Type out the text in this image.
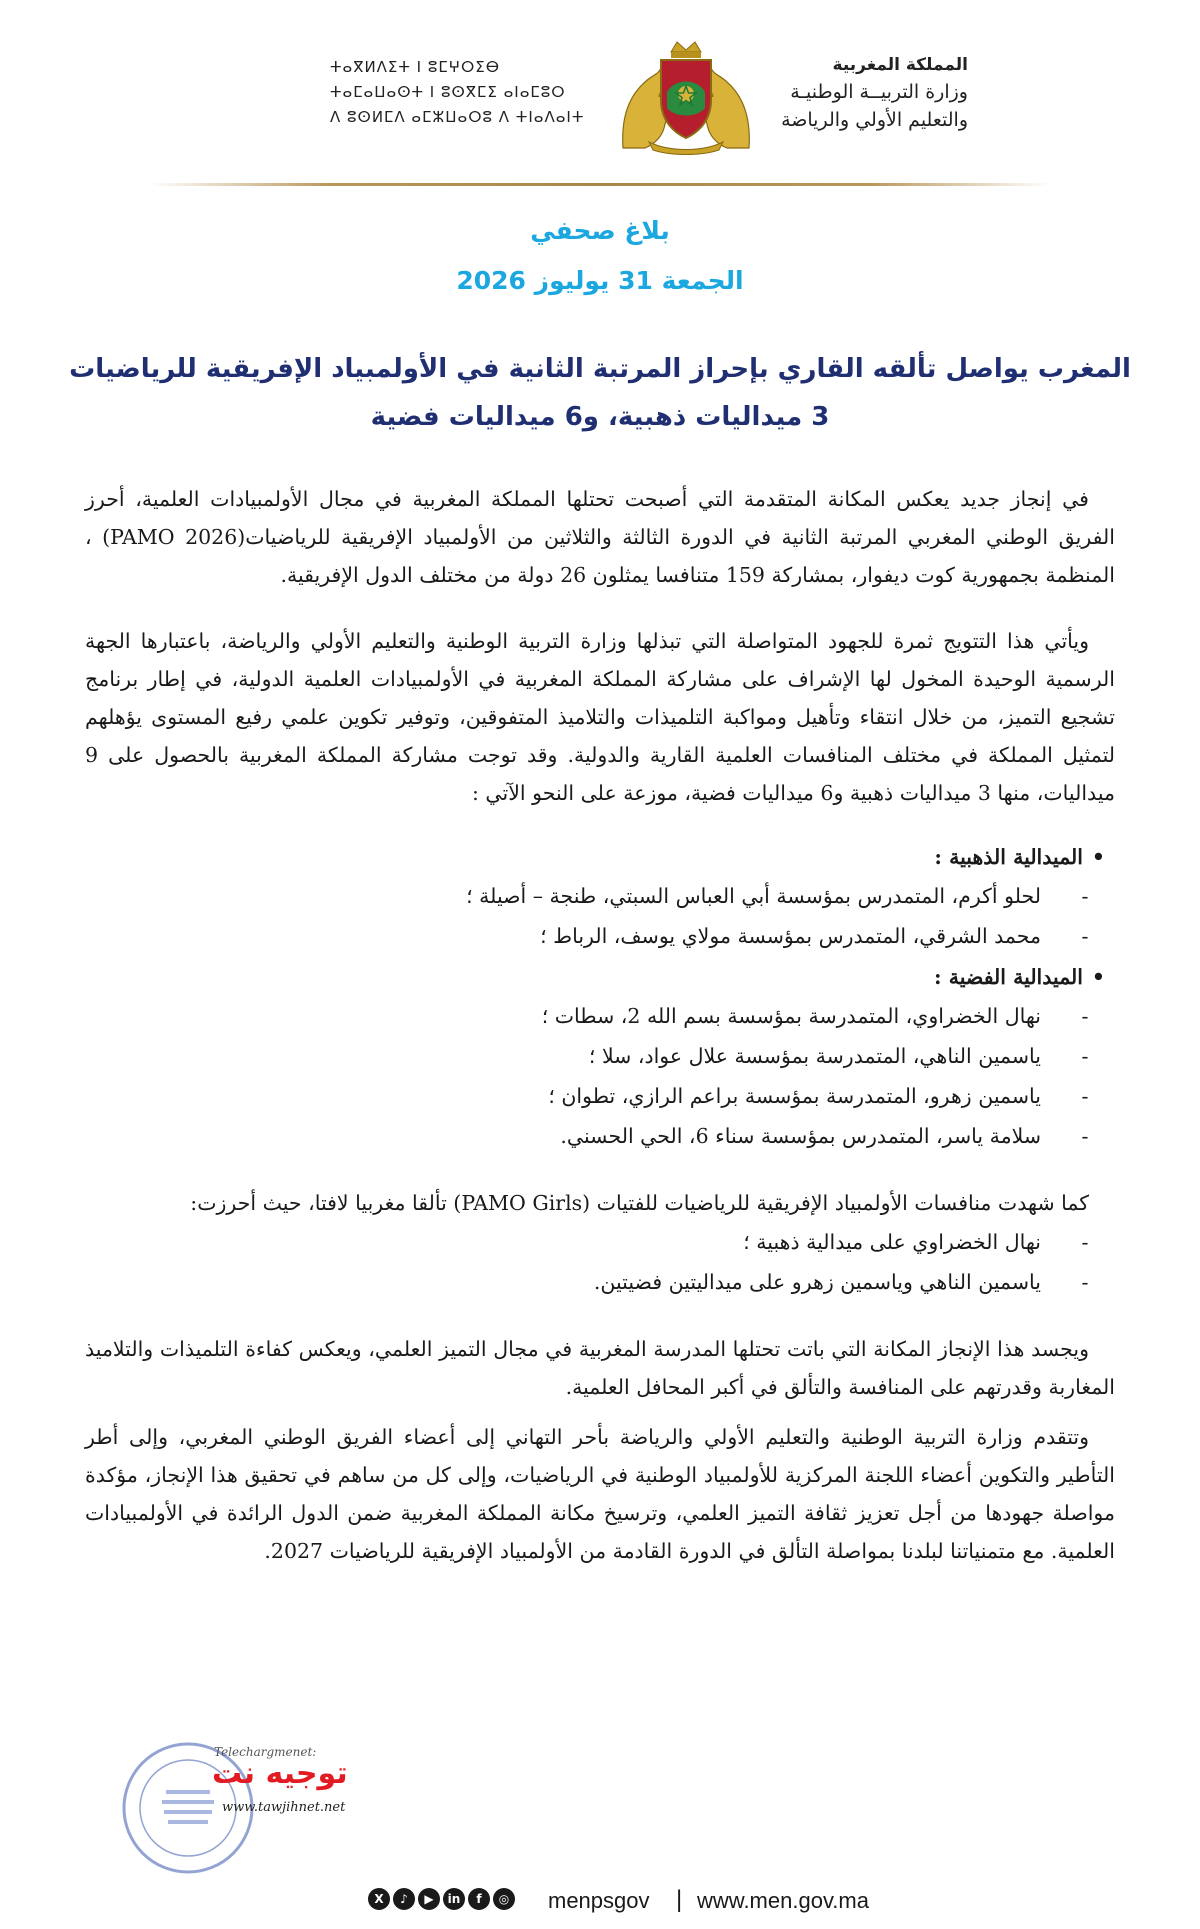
ⵜⴰⴳⵍⴷⵉⵜ ⵏ ⵓⵎⵖⵔⵉⴱ
ⵜⴰⵎⴰⵡⴰⵙⵜ ⵏ ⵓⵙⴳⵎⵉ ⴰⵏⴰⵎⵓⵔ
ⴷ ⵓⵙⵍⵎⴷ ⴰⵎⵣⵡⴰⵔⵓ ⴷ ⵜⵏⴰⴷⴰⵏⵜ
المملكة المغربية
وزارة التربيــة الوطنيـة
والتعليم الأولي والرياضة
بلاغ صحفي
الجمعة 31 يوليوز 2026
المغرب يواصل تألقه القاري بإحراز المرتبة الثانية في الأولمبياد الإفريقية للرياضيات
3 ميداليات ذهبية، و6 ميداليات فضية

في إنجاز جديد يعكس المكانة المتقدمة التي أصبحت تحتلها المملكة المغربية في مجال الأولمبيادات العلمية، أحرز الفريق الوطني المغربي المرتبة الثانية في الدورة الثالثة والثلاثين من الأولمبياد الإفريقية للرياضيات(PAMO 2026) ، المنظمة بجمهورية كوت ديفوار، بمشاركة 159 متنافسا يمثلون 26 دولة من مختلف الدول الإفريقية.

ويأتي هذا التتويج ثمرة للجهود المتواصلة التي تبذلها وزارة التربية الوطنية والتعليم الأولي والرياضة، باعتبارها الجهة الرسمية الوحيدة المخول لها الإشراف على مشاركة المملكة المغربية في الأولمبيادات العلمية الدولية، في إطار برنامج تشجيع التميز، من خلال انتقاء وتأهيل ومواكبة التلميذات والتلاميذ المتفوقين، وتوفير تكوين علمي رفيع المستوى يؤهلهم لتمثيل المملكة في مختلف المنافسات العلمية القارية والدولية. وقد توجت مشاركة المملكة المغربية بالحصول على 9 ميداليات، منها 3 ميداليات ذهبية و6 ميداليات فضية، موزعة على النحو الآتي :

•الميدالية الذهبية :
-
لحلو أكرم، المتمدرس بمؤسسة أبي العباس السبتي، طنجة – أصيلة ؛
-
محمد الشرقي، المتمدرس بمؤسسة مولاي يوسف، الرباط ؛
•الميدالية الفضية :
-
نهال الخضراوي، المتمدرسة بمؤسسة بسم الله 2، سطات ؛
-
ياسمين الناهي، المتمدرسة بمؤسسة علال عواد، سلا ؛
-
ياسمين زهرو، المتمدرسة بمؤسسة براعم الرازي، تطوان ؛
-
سلامة ياسر، المتمدرس بمؤسسة سناء 6، الحي الحسني.

كما شهدت منافسات الأولمبياد الإفريقية للرياضيات للفتيات (PAMO Girls) تألقا مغربيا لافتا، حيث أحرزت:

-
نهال الخضراوي على ميدالية ذهبية ؛
-
ياسمين الناهي وياسمين زهرو على ميداليتين فضيتين.

ويجسد هذا الإنجاز المكانة التي باتت تحتلها المدرسة المغربية في مجال التميز العلمي، ويعكس كفاءة التلميذات والتلاميذ المغاربة وقدرتهم على المنافسة والتألق في أكبر المحافل العلمية.

وتتقدم وزارة التربية الوطنية والتعليم الأولي والرياضة بأحر التهاني إلى أعضاء الفريق الوطني المغربي، وإلى أطر التأطير والتكوين أعضاء اللجنة المركزية للأولمبياد الوطنية في الرياضيات، وإلى كل من ساهم في تحقيق هذا الإنجاز، مؤكدة مواصلة جهودها من أجل تعزيز ثقافة التميز العلمي، وترسيخ مكانة المملكة المغربية ضمن الدول الرائدة في الأولمبيادات العلمية. مع متمنياتنا لبلدنا بمواصلة التألق في الدورة القادمة من الأولمبياد الإفريقية للرياضيات 2027.

Telechargmenet:
توجيه نت
www.tawjihnet.net
X	♪	▶	in	f	◎ menpsgov | www.men.gov.ma
